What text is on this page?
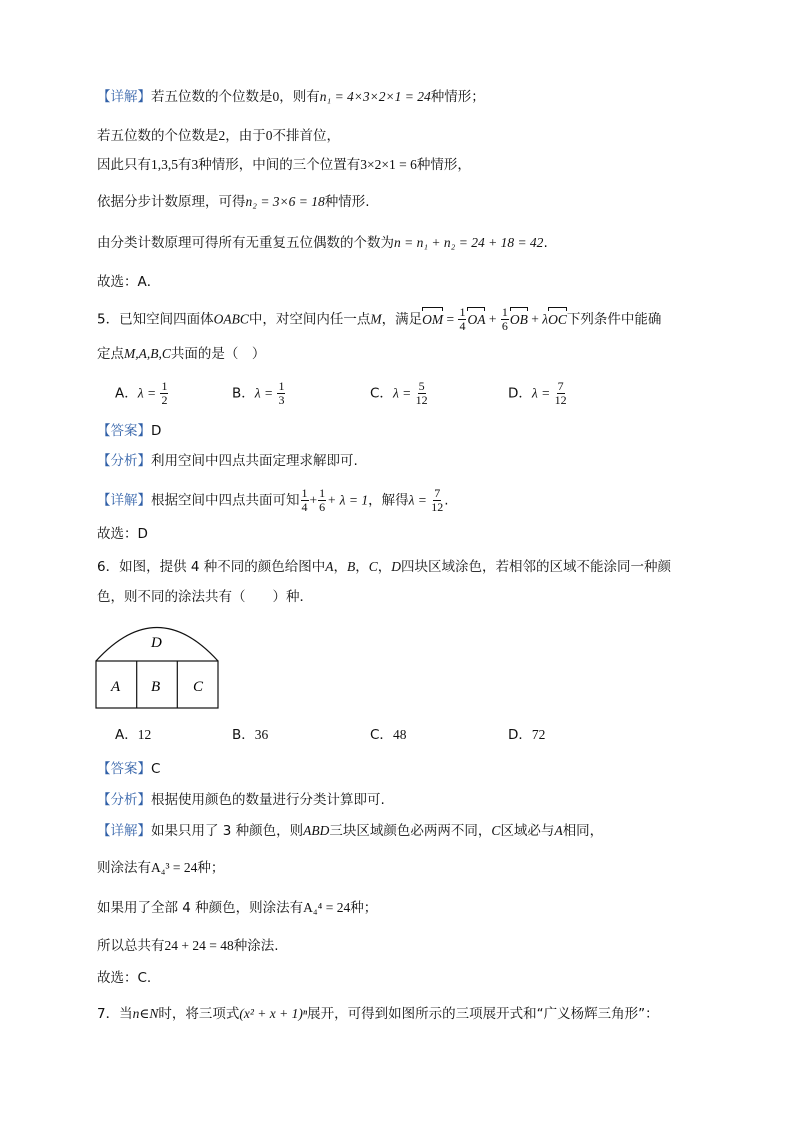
【详解】若五位数的个位数是0，则有n₁ = 4×3×2×1 = 24种情形；
若五位数的个位数是2，由于0不排首位，
因此只有1,3,5有3种情形，中间的三个位置有3×2×1 = 6种情形，
依据分步计数原理，可得n₂ = 3×6 = 18种情形.
由分类计数原理可得所有无重复五位偶数的个数为n = n₁ + n₂ = 24 + 18 = 42.
故选：A．
5．已知空间四面体OABC中，对空间内任一点M，满足OM = $\frac{1}{4}$ OA + $\frac{1}{6}$ OB + λOC下列条件中能确
定点M,A,B,C共面的是（　）
A．$\lambda = \frac{1}{2}$	B．$\lambda = \frac{1}{3}$	C．$\lambda = \frac{5}{12}$	D．$\lambda = \frac{7}{12}$
【答案】D
【分析】利用空间中四点共面定理求解即可.
【详解】根据空间中四点共面可知 $\frac{1}{4} + \frac{1}{6} + \lambda = 1$，解得$\lambda = \frac{7}{12}$ .
故选：D
6．如图，提供 4 种不同的颜色给图中A，B，C，D四块区域涂色，若相邻的区域不能涂同一种颜
色，则不同的涂法共有（　　）种．
D
A B C
A．12	B．36	C．48	D．72
【答案】C
【分析】根据使用颜色的数量进行分类计算即可.
【详解】如果只用了 3 种颜色，则ABD三块区域颜色必两两不同，C区域必与A相同，
则涂法有A₄³ = 24种；
如果用了全部 4 种颜色，则涂法有A₄⁴ = 24种；
所以总共有24 + 24 = 48种涂法.
故选：C.
7．当n∈N时，将三项式(x² + x + 1)ⁿ展开，可得到如图所示的三项展开式和“广义杨辉三角形”：
